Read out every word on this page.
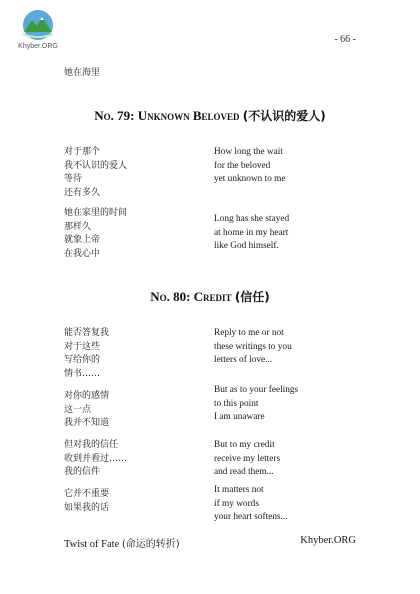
Khyber.ORG
- 66 -
她在海里
No. 79: Unknown Beloved (不认识的爱人)
对于那个
我不认识的爱人
等待
还有多久
How long the wait
for the beloved
yet unknown to me
她在家里的时间
那样久
就象上帝
在我心中
Long has she stayed
at home in my heart
like God himself.
No. 80: Credit (信任)
能否答复我
对于这些
写给你的
情书……
Reply to me or not
these writings to you
letters of love...
对你的感情
这一点
我并不知道
But as to your feelings
to this point
I am unaware
但对我的信任
收到并看过……
我的信件
But to my credit
receive my letters
and read them...
它并不重要
如果我的话
It matters not
if my words
your heart softens...
Twist of Fate (命运的转折)	Khyber.ORG
